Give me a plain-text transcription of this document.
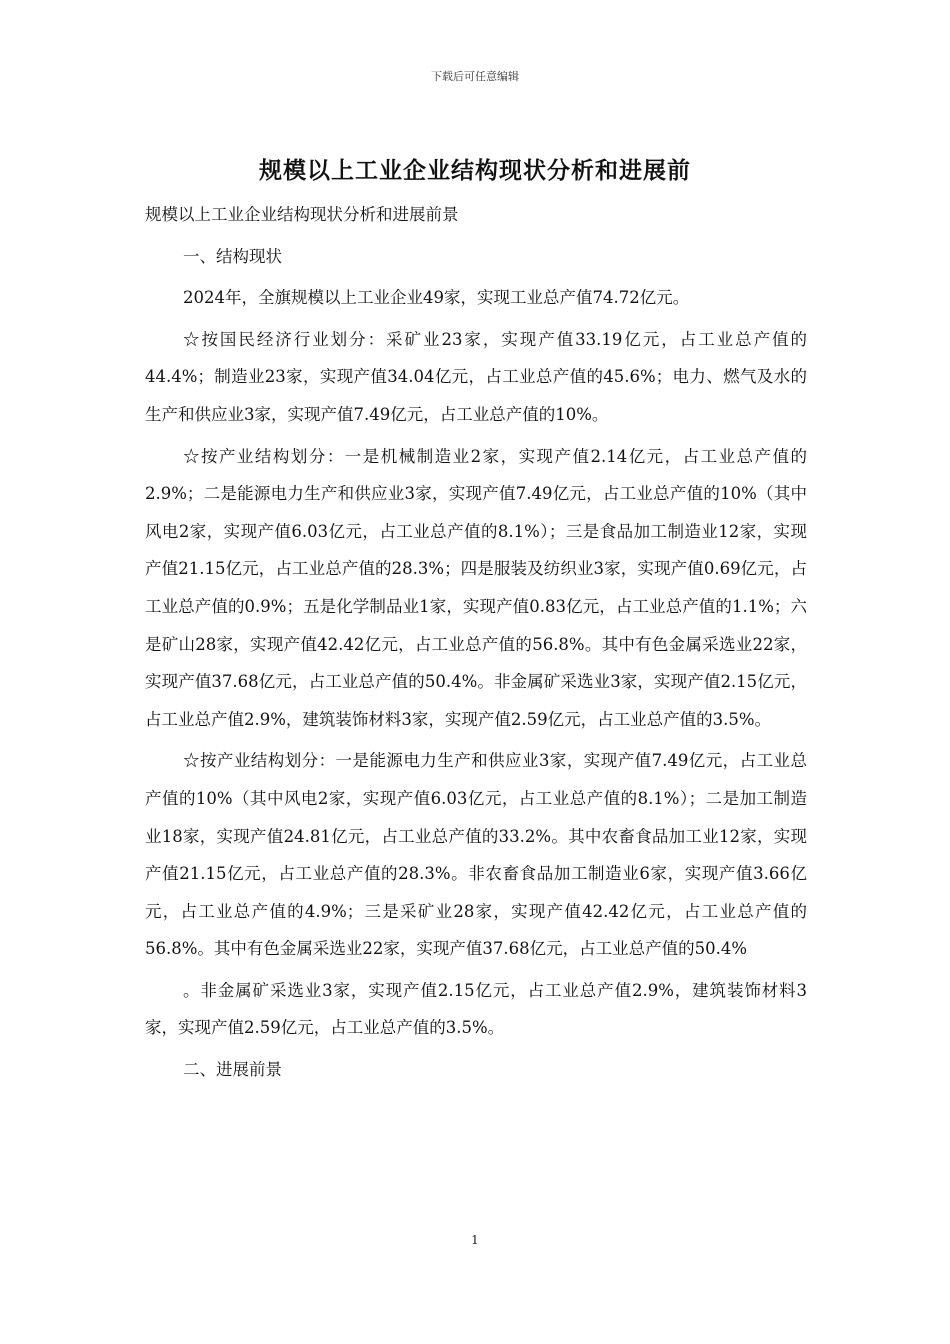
下载后可任意编辑
规模以上工业企业结构现状分析和进展前

规模以上工业企业结构现状分析和进展前景

一、结构现状

2024年，全旗规模以上工业企业49家，实现工业总产值74.72亿元。

☆按国民经济行业划分：采矿业23家，实现产值33.19亿元，占工业总产值的44.4%；制造业23家，实现产值34.04亿元，占工业总产值的45.6%；电力、燃气及水的生产和供应业3家，实现产值7.49亿元，占工业总产值的10%。

☆按产业结构划分：一是机械制造业2家，实现产值2.14亿元，占工业总产值的2.9%；二是能源电力生产和供应业3家，实现产值7.49亿元，占工业总产值的10%（其中风电2家，实现产值6.03亿元，占工业总产值的8.1%）；三是食品加工制造业12家，实现产值21.15亿元，占工业总产值的28.3%；四是服装及纺织业3家，实现产值0.69亿元，占工业总产值的0.9%；五是化学制品业1家，实现产值0.83亿元，占工业总产值的1.1%；六是矿山28家，实现产值42.42亿元，占工业总产值的56.8%。其中有色金属采选业22家，实现产值37.68亿元，占工业总产值的50.4%。非金属矿采选业3家，实现产值2.15亿元，占工业总产值2.9%，建筑装饰材料3家，实现产值2.59亿元，占工业总产值的3.5%。

☆按产业结构划分：一是能源电力生产和供应业3家，实现产值7.49亿元，占工业总产值的10%（其中风电2家，实现产值6.03亿元，占工业总产值的8.1%）；二是加工制造业18家，实现产值24.81亿元，占工业总产值的33.2%。其中农畜食品加工业12家，实现产值21.15亿元，占工业总产值的28.3%。非农畜食品加工制造业6家，实现产值3.66亿元，占工业总产值的4.9%；三是采矿业28家，实现产值42.42亿元，占工业总产值的56.8%。其中有色金属采选业22家，实现产值37.68亿元，占工业总产值的50.4%

。非金属矿采选业3家，实现产值2.15亿元，占工业总产值2.9%，建筑装饰材料3家，实现产值2.59亿元，占工业总产值的3.5%。

二、进展前景

1
